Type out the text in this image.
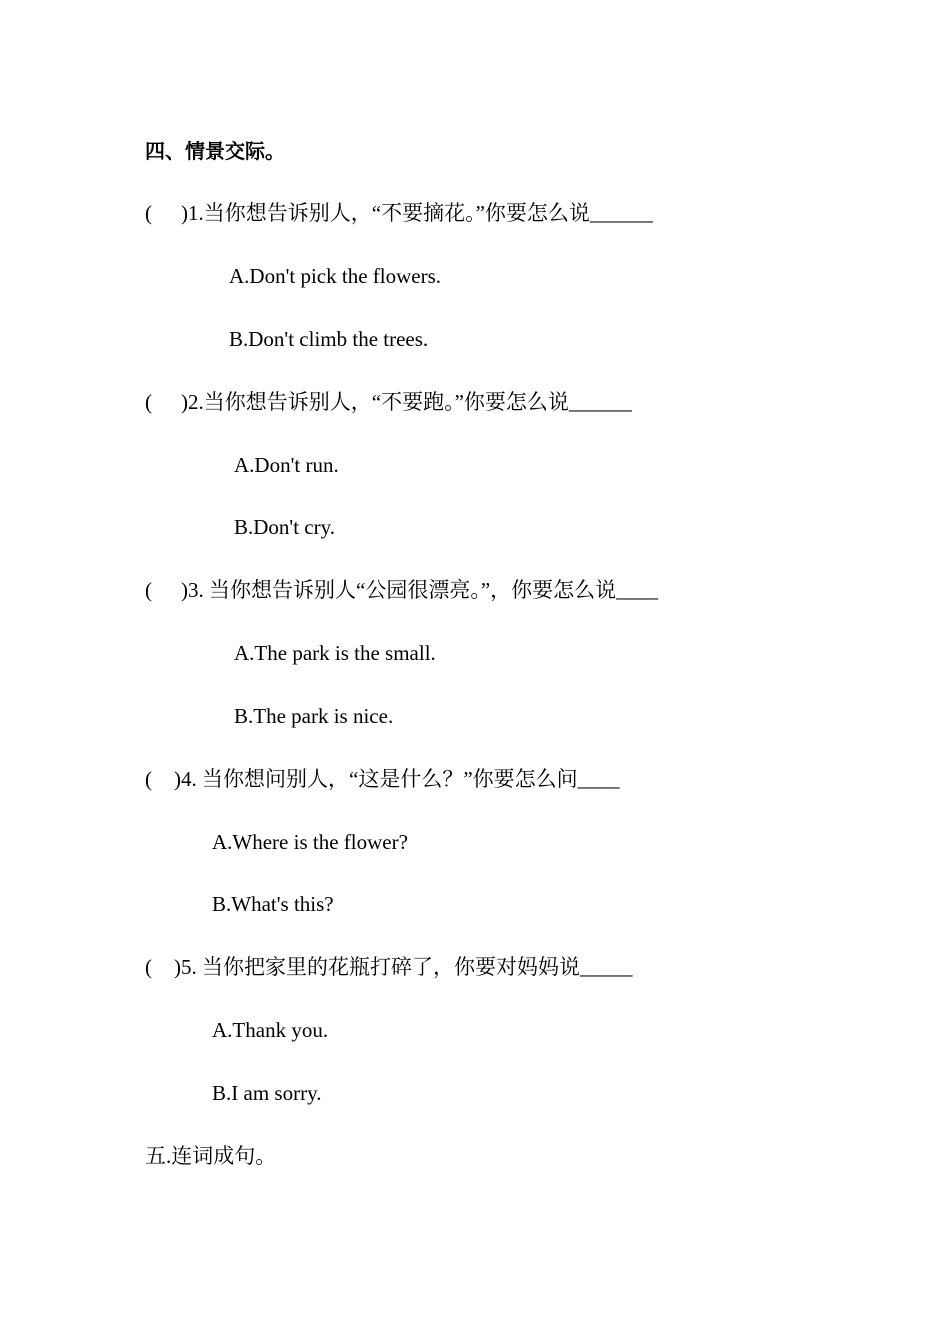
四、情景交际。
( )1.当你想告诉别人，“不要摘花。”你要怎么说______
A.Don't pick the flowers.
B.Don't climb the trees.
( )2.当你想告诉别人，“不要跑。”你要怎么说______
A.Don't run.
B.Don't cry.
( )3. 当你想告诉别人“公园很漂亮。”，你要怎么说____
A.The park is the small.
B.The park is nice.
( )4. 当你想问别人，“这是什么？”你要怎么问____
A.Where is the flower?
B.What's this?
( )5. 当你把家里的花瓶打碎了，你要对妈妈说_____
A.Thank you.
B.I am sorry.
五.连词成句。
